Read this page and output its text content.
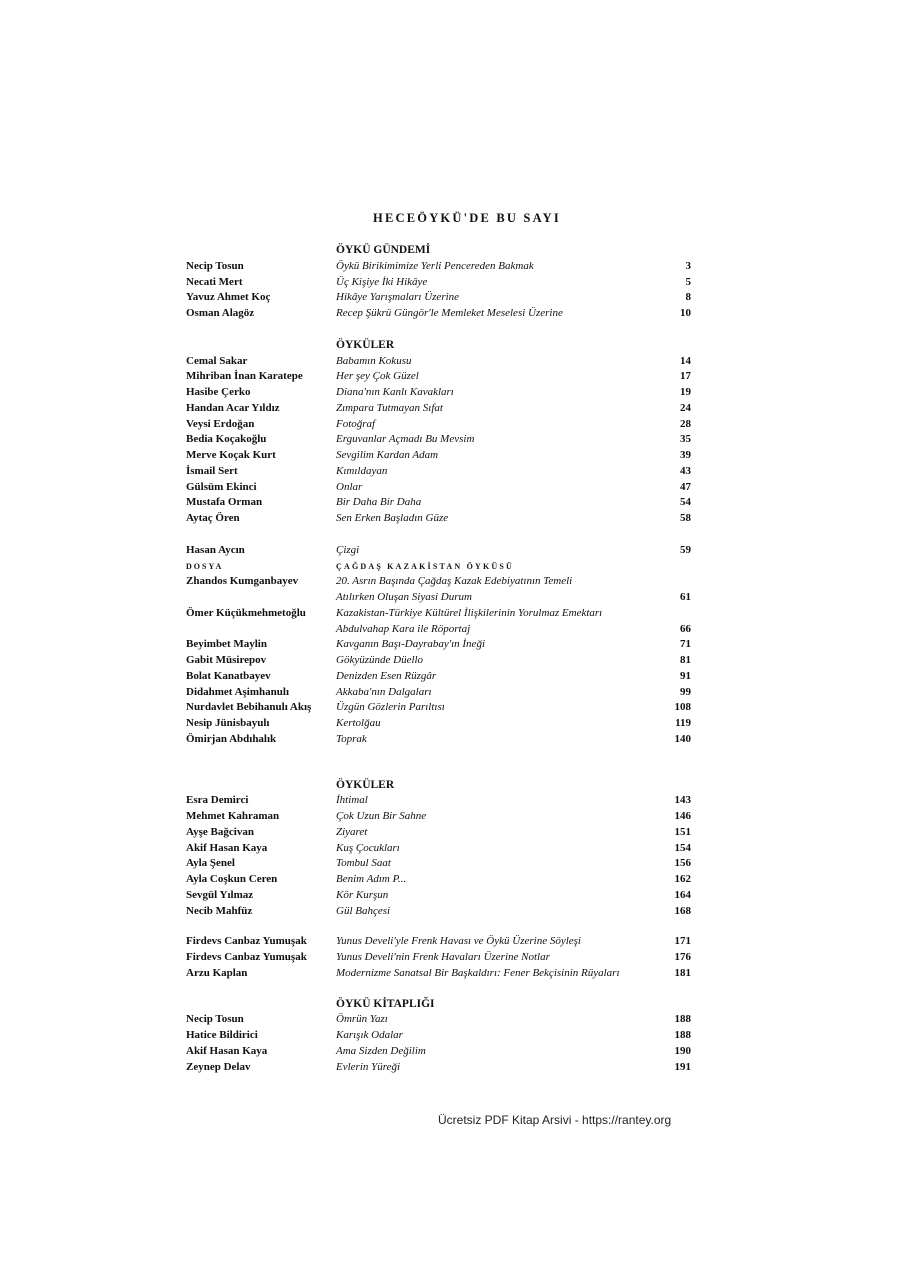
HECEÖYKÜ'DE BU SAYI
ÖYKÜ GÜNDEMİ
Necip Tosun	Öykü Birikimimize Yerli Pencereden Bakmak	3
Necati Mert	Üç Kişiye İki Hikâye	5
Yavuz Ahmet Koç	Hikâye Yarışmaları Üzerine	8
Osman Alagöz	Recep Şükrü Güngör'le Memleket Meselesi Üzerine	10
ÖYKÜLER
Cemal Sakar	Babamın Kokusu	14
Mihriban İnan Karatepe	Her şey Çok Güzel	17
Hasibe Çerko	Diana'nın Kanlı Kavakları	19
Handan Acar Yıldız	Zımpara Tutmayan Sıfat	24
Veysi Erdoğan	Fotoğraf	28
Bedia Koçakoğlu	Erguvanlar Açmadı Bu Mevsim	35
Merve Koçak Kurt	Sevgilim Kardan Adam	39
İsmail Sert	Kımıldayan	43
Gülsüm Ekinci	Onlar	47
Mustafa Orman	Bir Daha Bir Daha	54
Aytaç Ören	Sen Erken Başladın Güze	58
Hasan Aycın	Çizgi	59
DOSYA	ÇAĞDAŞ KAZAKİSTAN ÖYKÜSÜ
Zhandos Kumganbayev	20. Asrın Başında Çağdaş Kazak Edebiyatının Temeli
Atılırken Oluşan Siyasi Durum	61
Ömer Küçükmehmetoğlu	Kazakistan-Türkiye Kültürel İlişkilerinin Yorulmaz Emektarı
Abdulvahap Kara ile Röportaj	66
Beyimbet Maylin	Kavganın Başı-Dayrabay'ın İneği	71
Gabit Müsirepov	Gökyüzünde Düello	81
Bolat Kanatbayev	Denizden Esen Rüzgâr	91
Didahmet Aşimhanulı	Akkaba'nın Dalgaları	99
Nurdavlet Bebihanulı Akış	Üzgün Gözlerin Parıltısı	108
Nesip Jünisbayulı	Kertolğau	119
Ömirjan Abdıhalık	Toprak	140
ÖYKÜLER
Esra Demirci	İhtimal	143
Mehmet Kahraman	Çok Uzun Bir Sahne	146
Ayşe Bağcivan	Ziyaret	151
Akif Hasan Kaya	Kuş Çocukları	154
Ayla Şenel	Tombul Saat	156
Ayla Coşkun Ceren	Benim Adım P...	162
Sevgül Yılmaz	Kör Kurşun	164
Necib Mahfüz	Gül Bahçesi	168
Firdevs Canbaz Yumuşak	Yunus Develi'yle Frenk Havası ve Öykü Üzerine Söyleşi	171
Firdevs Canbaz Yumuşak	Yunus Develi'nin Frenk Havaları Üzerine Notlar	176
Arzu Kaplan	Modernizme Sanatsal Bir Başkaldırı: Fener Bekçisinin Rüyaları	181
ÖYKÜ KİTAPLIĞI
Necip Tosun	Ömrün Yazı	188
Hatice Bildirici	Karışık Odalar	188
Akif Hasan Kaya	Ama Sizden Değilim	190
Zeynep Delav	Evlerin Yüreği	191
Ücretsiz PDF Kitap Arsivi - https://rantey.org
